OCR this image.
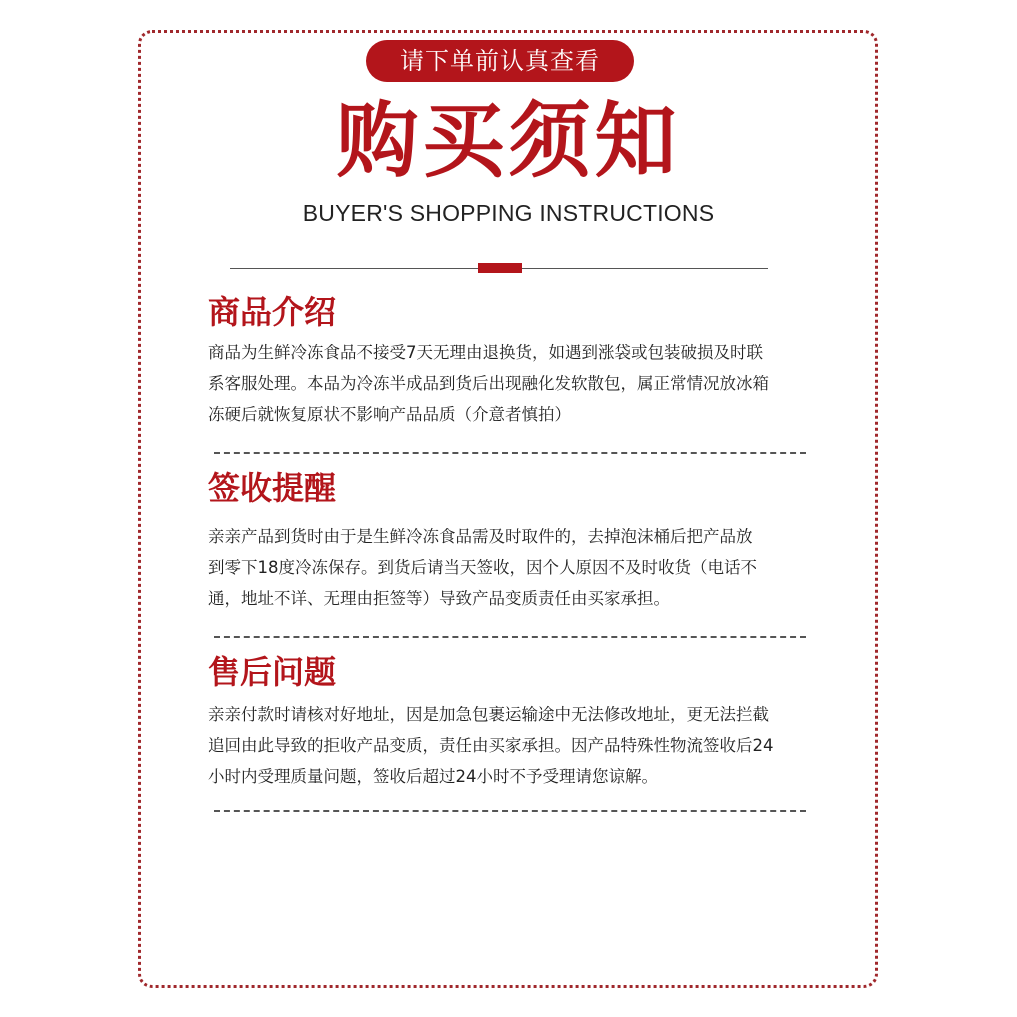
请下单前认真查看
购买须知
BUYER'S SHOPPING INSTRUCTIONS
商品介绍
商品为生鲜冷冻食品不接受7天无理由退换货，如遇到涨袋或包装破损及时联
系客服处理。本品为冷冻半成品到货后出现融化发软散包，属正常情况放冰箱
冻硬后就恢复原状不影响产品品质（介意者慎拍）
签收提醒
亲亲产品到货时由于是生鲜冷冻食品需及时取件的，去掉泡沫桶后把产品放
到零下18度冷冻保存。到货后请当天签收，因个人原因不及时收货（电话不
通，地址不详、无理由拒签等）导致产品变质责任由买家承担。
售后问题
亲亲付款时请核对好地址，因是加急包裹运输途中无法修改地址，更无法拦截
追回由此导致的拒收产品变质，责任由买家承担。因产品特殊性物流签收后24
小时内受理质量问题，签收后超过24小时不予受理请您谅解。
